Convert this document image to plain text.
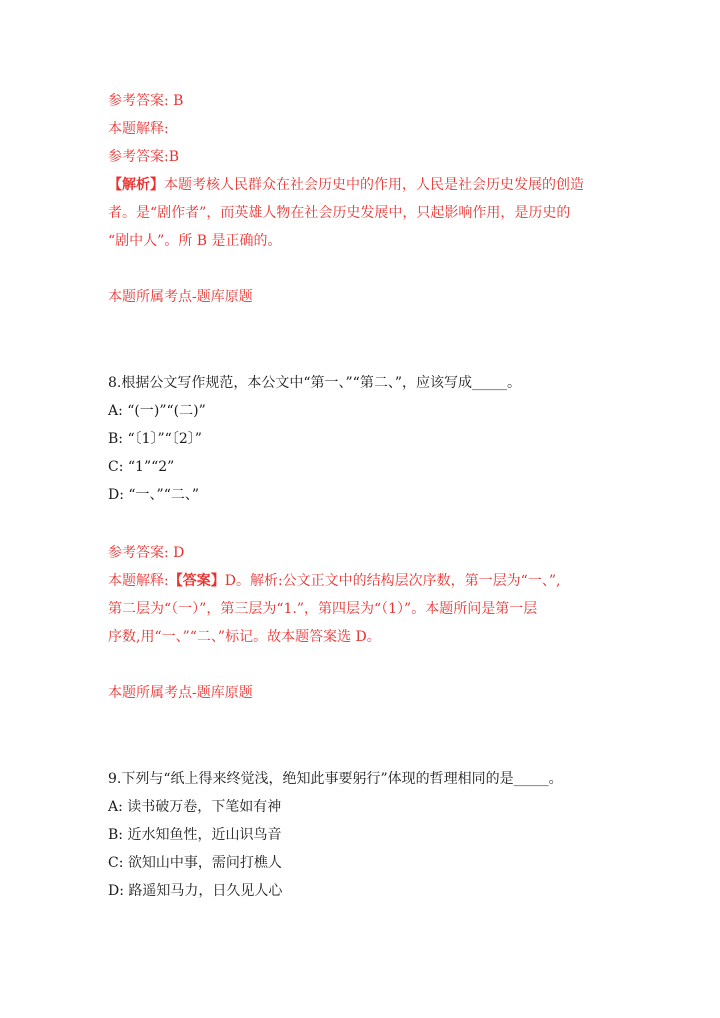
参考答案: B
本题解释:
参考答案:B
【解析】本题考核人民群众在社会历史中的作用，人民是社会历史发展的创造
者。是“剧作者”，而英雄人物在社会历史发展中，只起影响作用，是历史的
“剧中人”。所 B 是正确的。
本题所属考点-题库原题
8.根据公文写作规范，本公文中“第一、”“第二、”，应该写成_____。
A: “(一)”“(二)”
B: “〔1〕”“〔2〕”
C: “1”“2”
D: “一、”“二、”
参考答案: D
本题解释:【答案】D。解析:公文正文中的结构层次序数，第一层为“一、”,
第二层为“（一）”，第三层为“1.”，第四层为“（1）”。本题所问是第一层
序数,用“一、”“二、”标记。故本题答案选 D。
本题所属考点-题库原题
9.下列与“纸上得来终觉浅，绝知此事要躬行”体现的哲理相同的是_____。
A: 读书破万卷，下笔如有神
B: 近水知鱼性，近山识鸟音
C: 欲知山中事，需问打樵人
D: 路遥知马力，日久见人心
